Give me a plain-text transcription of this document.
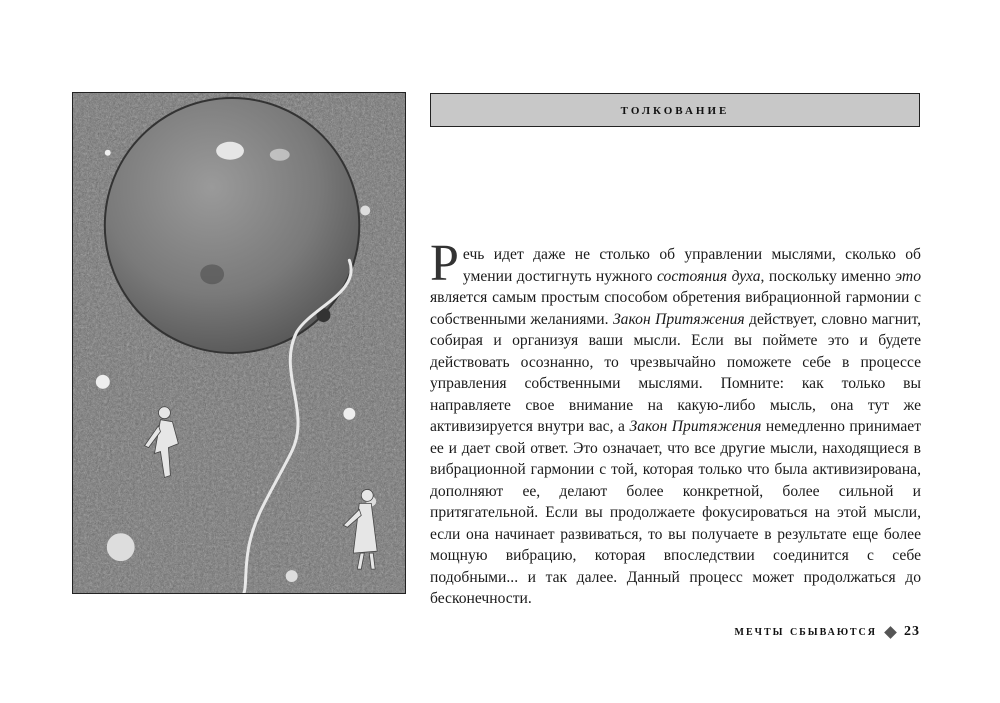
толкование
Речь идет даже не столько об управлении мыслями, сколько об умении достигнуть нужного состояния духа, поскольку именно это является самым простым способом обретения вибрационной гармонии с собственными желаниями. Закон Притяжения действует, словно магнит, собирая и организуя ваши мысли. Если вы поймете это и будете действовать осознанно, то чрезвычайно поможете себе в процессе управления собственными мыслями. Помните: как только вы направляете свое внимание на какую-либо мысль, она тут же активизируется внутри вас, а Закон Притяжения немедленно принимает ее и дает свой ответ. Это означает, что все другие мысли, находящиеся в вибрационной гармонии с той, которая только что была активизирована, дополняют ее, делают более конкретной, более сильной и притягательной. Если вы продолжаете фокусироваться на этой мысли, если она начинает развиваться, то вы получаете в результате еще более мощную вибрацию, которая впоследствии соединится с себе подобными... и так далее. Данный процесс может продолжаться до бесконечности.
мечты сбываются 23
